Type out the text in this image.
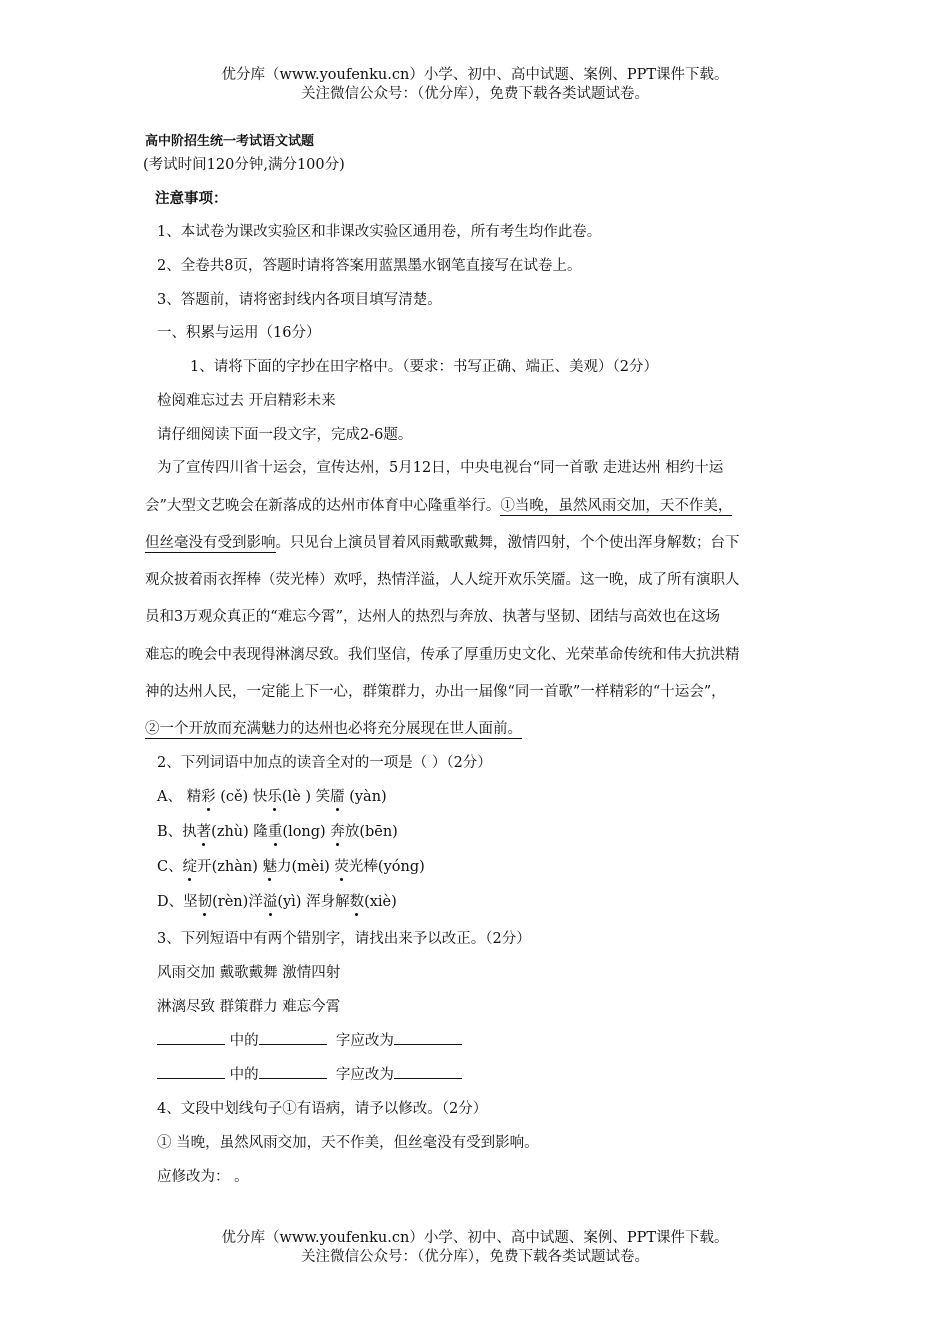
优分库（www.youfenku.cn）小学、初中、高中试题、案例、PPT课件下载。
关注微信公众号：（优分库），免费下载各类试题试卷。
高中阶招生统一考试语文试题
(考试时间120分钟,满分100分)
注意事项：
1、本试卷为课改实验区和非课改实验区通用卷，所有考生均作此卷。
2、全卷共8页，答题时请将答案用蓝黑墨水钢笔直接写在试卷上。
3、答题前，请将密封线内各项目填写清楚。
一、积累与运用（16分）
1、请将下面的字抄在田字格中。（要求：书写正确、端正、美观）（2分）
检阅难忘过去 开启精彩未来
请仔细阅读下面一段文字，完成2-6题。
为了宣传四川省十运会，宣传达州，5月12日，中央电视台“同一首歌 走进达州 相约十运
会”大型文艺晚会在新落成的达州市体育中心隆重举行。①当晚，虽然风雨交加，天不作美，
但丝毫没有受到影响。只见台上演员冒着风雨戴歌戴舞，激情四射，个个使出浑身解数；台下
观众披着雨衣挥棒（荧光棒）欢呼，热情洋溢，人人绽开欢乐笑靥。这一晚，成了所有演职人
员和3万观众真正的“难忘今霄”，达州人的热烈与奔放、执著与坚韧、团结与高效也在这场
难忘的晚会中表现得淋漓尽致。我们坚信，传承了厚重历史文化、光荣革命传统和伟大抗洪精
神的达州人民，一定能上下一心，群策群力，办出一届像“同一首歌”一样精彩的“十运会”，
②一个开放而充满魅力的达州也必将充分展现在世人面前。
2、下列词语中加点的读音全对的一项是（ ）（2分）
A、 精彩 (cě) 快乐(lè ) 笑靥 (yàn)
B、执著(zhù) 隆重(long) 奔放(bēn)
C、绽开(zhàn) 魅力(mèi) 荧光棒(yóng)
D、坚韧(rèn)洋溢(yì) 浑身解数(xiè)
3、下列短语中有两个错别字，请找出来予以改正。（2分）
风雨交加 戴歌戴舞 激情四射
淋漓尽致 群策群力 难忘今霄
中的	字应改为
中的	字应改为
4、文段中划线句子①有语病，请予以修改。（2分）
① 当晚，虽然风雨交加，天不作美，但丝毫没有受到影响。
应修改为： 。
优分库（www.youfenku.cn）小学、初中、高中试题、案例、PPT课件下载。
关注微信公众号：（优分库），免费下载各类试题试卷。
